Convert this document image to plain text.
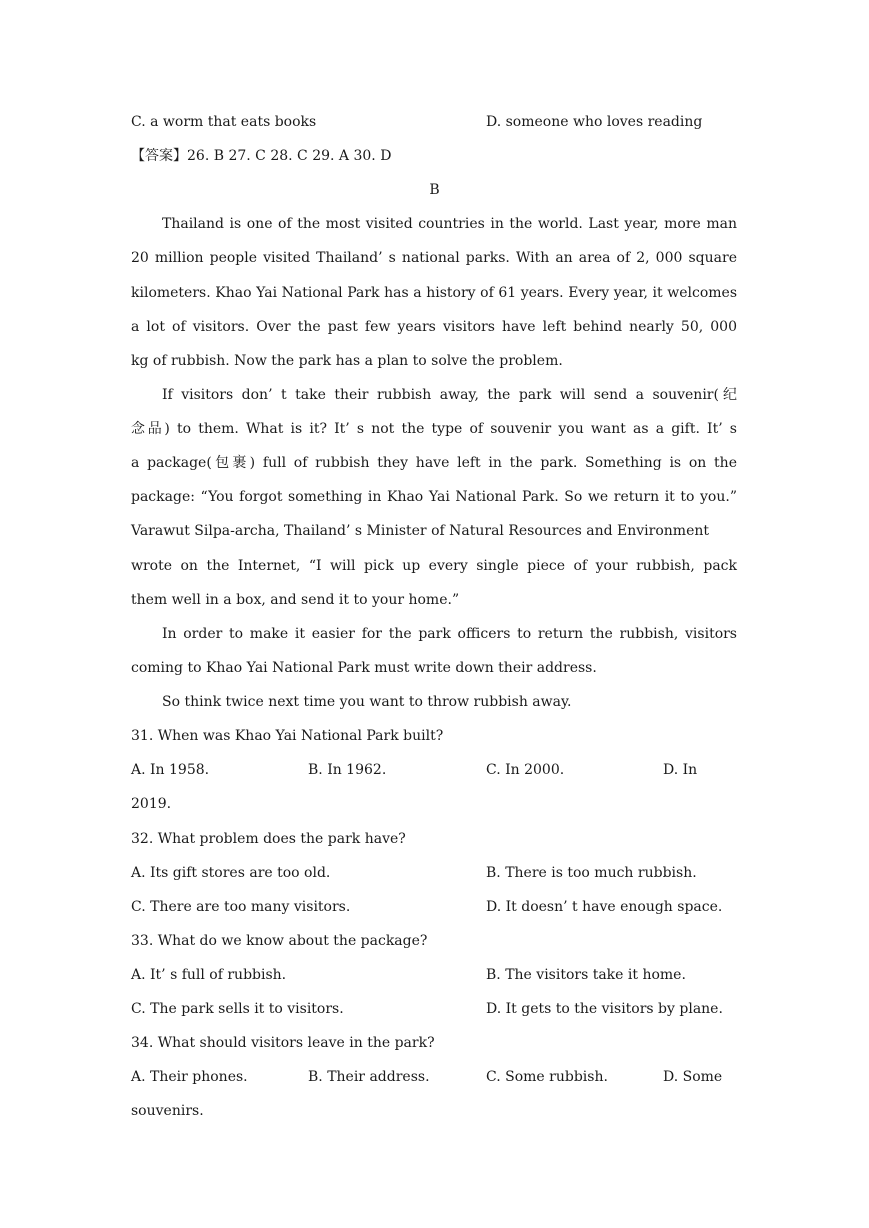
C. a worm that eats books	D. someone who loves reading
【答案】26. B 27. C 28. C 29. A 30. D
B
Thailand is one of the most visited countries in the world. Last year, more man
20 million people visited Thailand’ s national parks. With an area of 2, 000 square
kilometers. Khao Yai National Park has a history of 61 years. Every year, it welcomes
a lot of visitors. Over the past few years visitors have left behind nearly 50, 000
kg of rubbish. Now the park has a plan to solve the problem.
If visitors don’ t take their rubbish away, the park will send a souvenir(纪
念品) to them. What is it? It’ s not the type of souvenir you want as a gift. It’ s
a package(包裹) full of rubbish they have left in the park. Something is on the
package: “You forgot something in Khao Yai National Park. So we return it to you.”
Varawut Silpa-archa, Thailand’ s Minister of Natural Resources and Environment
wrote on the Internet, “I will pick up every single piece of your rubbish, pack
them well in a box, and send it to your home.”
In order to make it easier for the park officers to return the rubbish, visitors
coming to Khao Yai National Park must write down their address.
So think twice next time you want to throw rubbish away.
31. When was Khao Yai National Park built?
A. In 1958.	B. In 1962.	C. In 2000.	D. In
2019.
32. What problem does the park have?
A. Its gift stores are too old.	B. There is too much rubbish.
C. There are too many visitors.	D. It doesn’ t have enough space.
33. What do we know about the package?
A. It’ s full of rubbish.	B. The visitors take it home.
C. The park sells it to visitors.	D. It gets to the visitors by plane.
34. What should visitors leave in the park?
A. Their phones.	B. Their address.	C. Some rubbish.	D. Some
souvenirs.
